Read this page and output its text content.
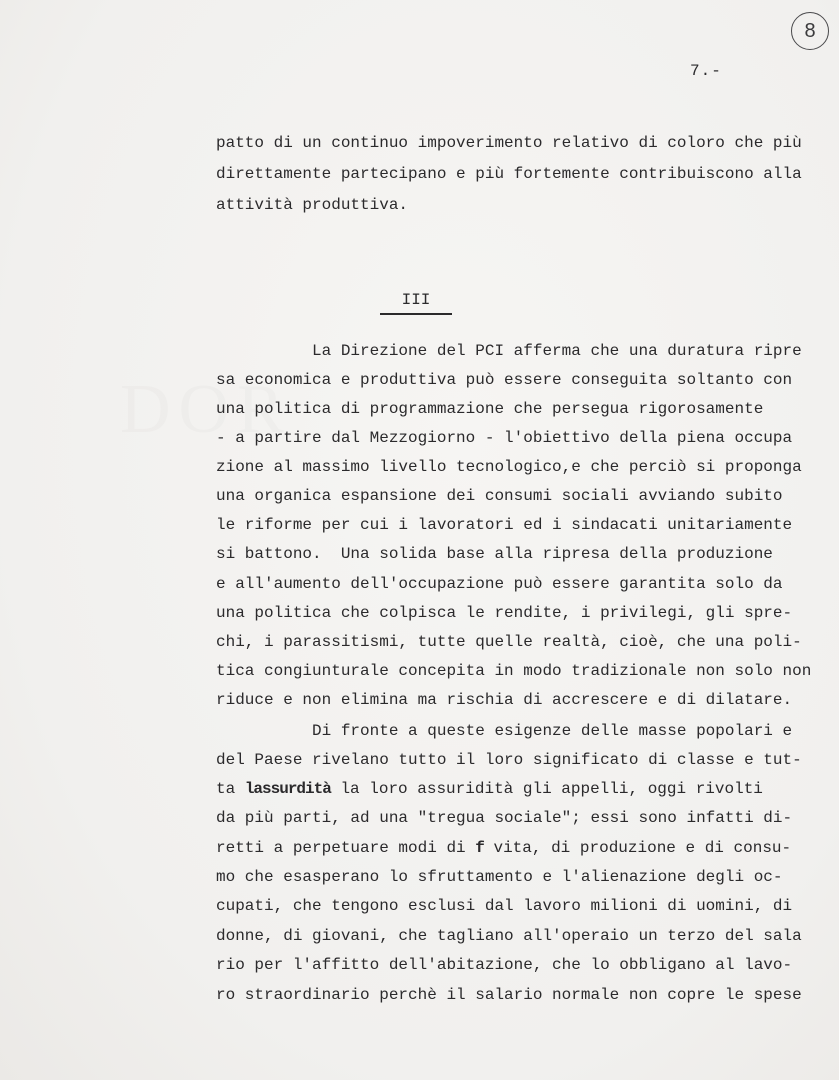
8
7.-
patto di un continuo impoverimento relativo di coloro che più
direttamente partecipano e più fortemente contribuiscono alla
attività produttiva.
III
La Direzione del PCI afferma che una duratura ripre
sa economica e produttiva può essere conseguita soltanto con
una politica di programmazione che persegua rigorosamente
- a partire dal Mezzogiorno - l'obiettivo della piena occupa
zione al massimo livello tecnologico,e che perciò si proponga
una organica espansione dei consumi sociali avviando subito
le riforme per cui i lavoratori ed i sindacati unitariamente
si battono.  Una solida base alla ripresa della produzione
e all'aumento dell'occupazione può essere garantita solo da
una politica che colpisca le rendite, i privilegi, gli spre-
chi, i parassitismi, tutte quelle realtà, cioè, che una poli-
tica congiunturale concepita in modo tradizionale non solo non
riduce e non elimina ma rischia di accrescere e di dilatare.
Di fronte a queste esigenze delle masse popolari e
del Paese rivelano tutto il loro significato di classe e tut-
ta lassurdità la loro assuridità gli appelli, oggi rivolti
da più parti, ad una "tregua sociale"; essi sono infatti di-
retti a perpetuare modi di f vita, di produzione e di consu-
mo che esasperano lo sfruttamento e l'alienazione degli oc-
cupati, che tengono esclusi dal lavoro milioni di uomini, di
donne, di giovani, che tagliano all'operaio un terzo del sala
rio per l'affitto dell'abitazione, che lo obbligano al lavo-
ro straordinario perchè il salario normale non copre le spese
